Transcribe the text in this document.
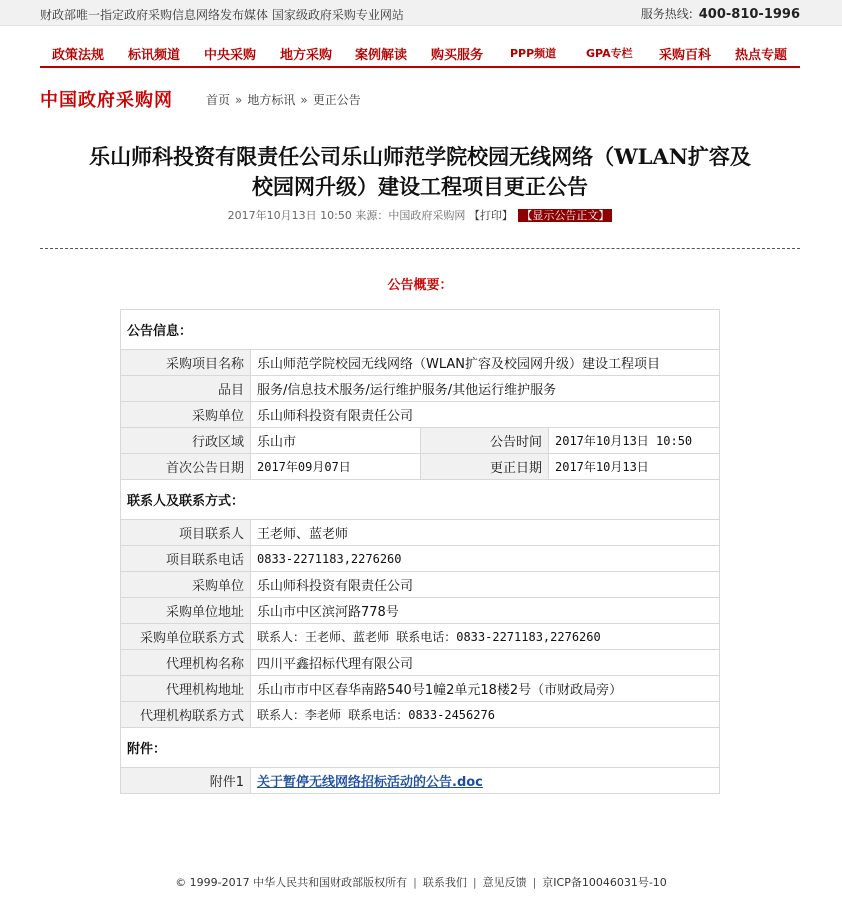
财政部唯一指定政府采购信息网络发布媒体 国家级政府采购专业网站	服务热线: 400-810-1996
政策法规 标讯频道 中央采购 地方采购 案例解读 购买服务 PPP频道	GPA专栏 采购百科 热点专题
中国政府采购网	首页 » 地方标讯 » 更正公告
乐山师科投资有限责任公司乐山师范学院校园无线网络（WLAN扩容及
校园网升级）建设工程项目更正公告
2017年10月13日 10:50 来源：中国政府采购网 【打印】 【显示公告正文】
公告概要：
公告信息：			
采购项目名称	乐山师范学院校园无线网络（WLAN扩容及校园网升级）建设工程项目		
品目	服务/信息技术服务/运行维护服务/其他运行维护服务		
采购单位	乐山师科投资有限责任公司		
行政区域	乐山市	公告时间	2017年10月13日 10:50
首次公告日期	2017年09月07日	更正日期	2017年10月13日
联系人及联系方式：			
项目联系人	王老师、蓝老师		
项目联系电话	0833-2271183,2276260		
采购单位	乐山师科投资有限责任公司		
采购单位地址	乐山市中区滨河路778号		
采购单位联系方式	联系人：王老师、蓝老师 联系电话：0833-2271183,2276260		
代理机构名称	四川平鑫招标代理有限公司		
代理机构地址	乐山市市中区春华南路540号1幢2单元18楼2号（市财政局旁）		
代理机构联系方式	联系人：李老师 联系电话：0833-2456276		
附件：			
附件1	关于暂停无线网络招标活动的公告.doc		
© 1999-2017 中华人民共和国财政部版权所有 | 联系我们 | 意见反馈 | 京ICP备10046031号-10
